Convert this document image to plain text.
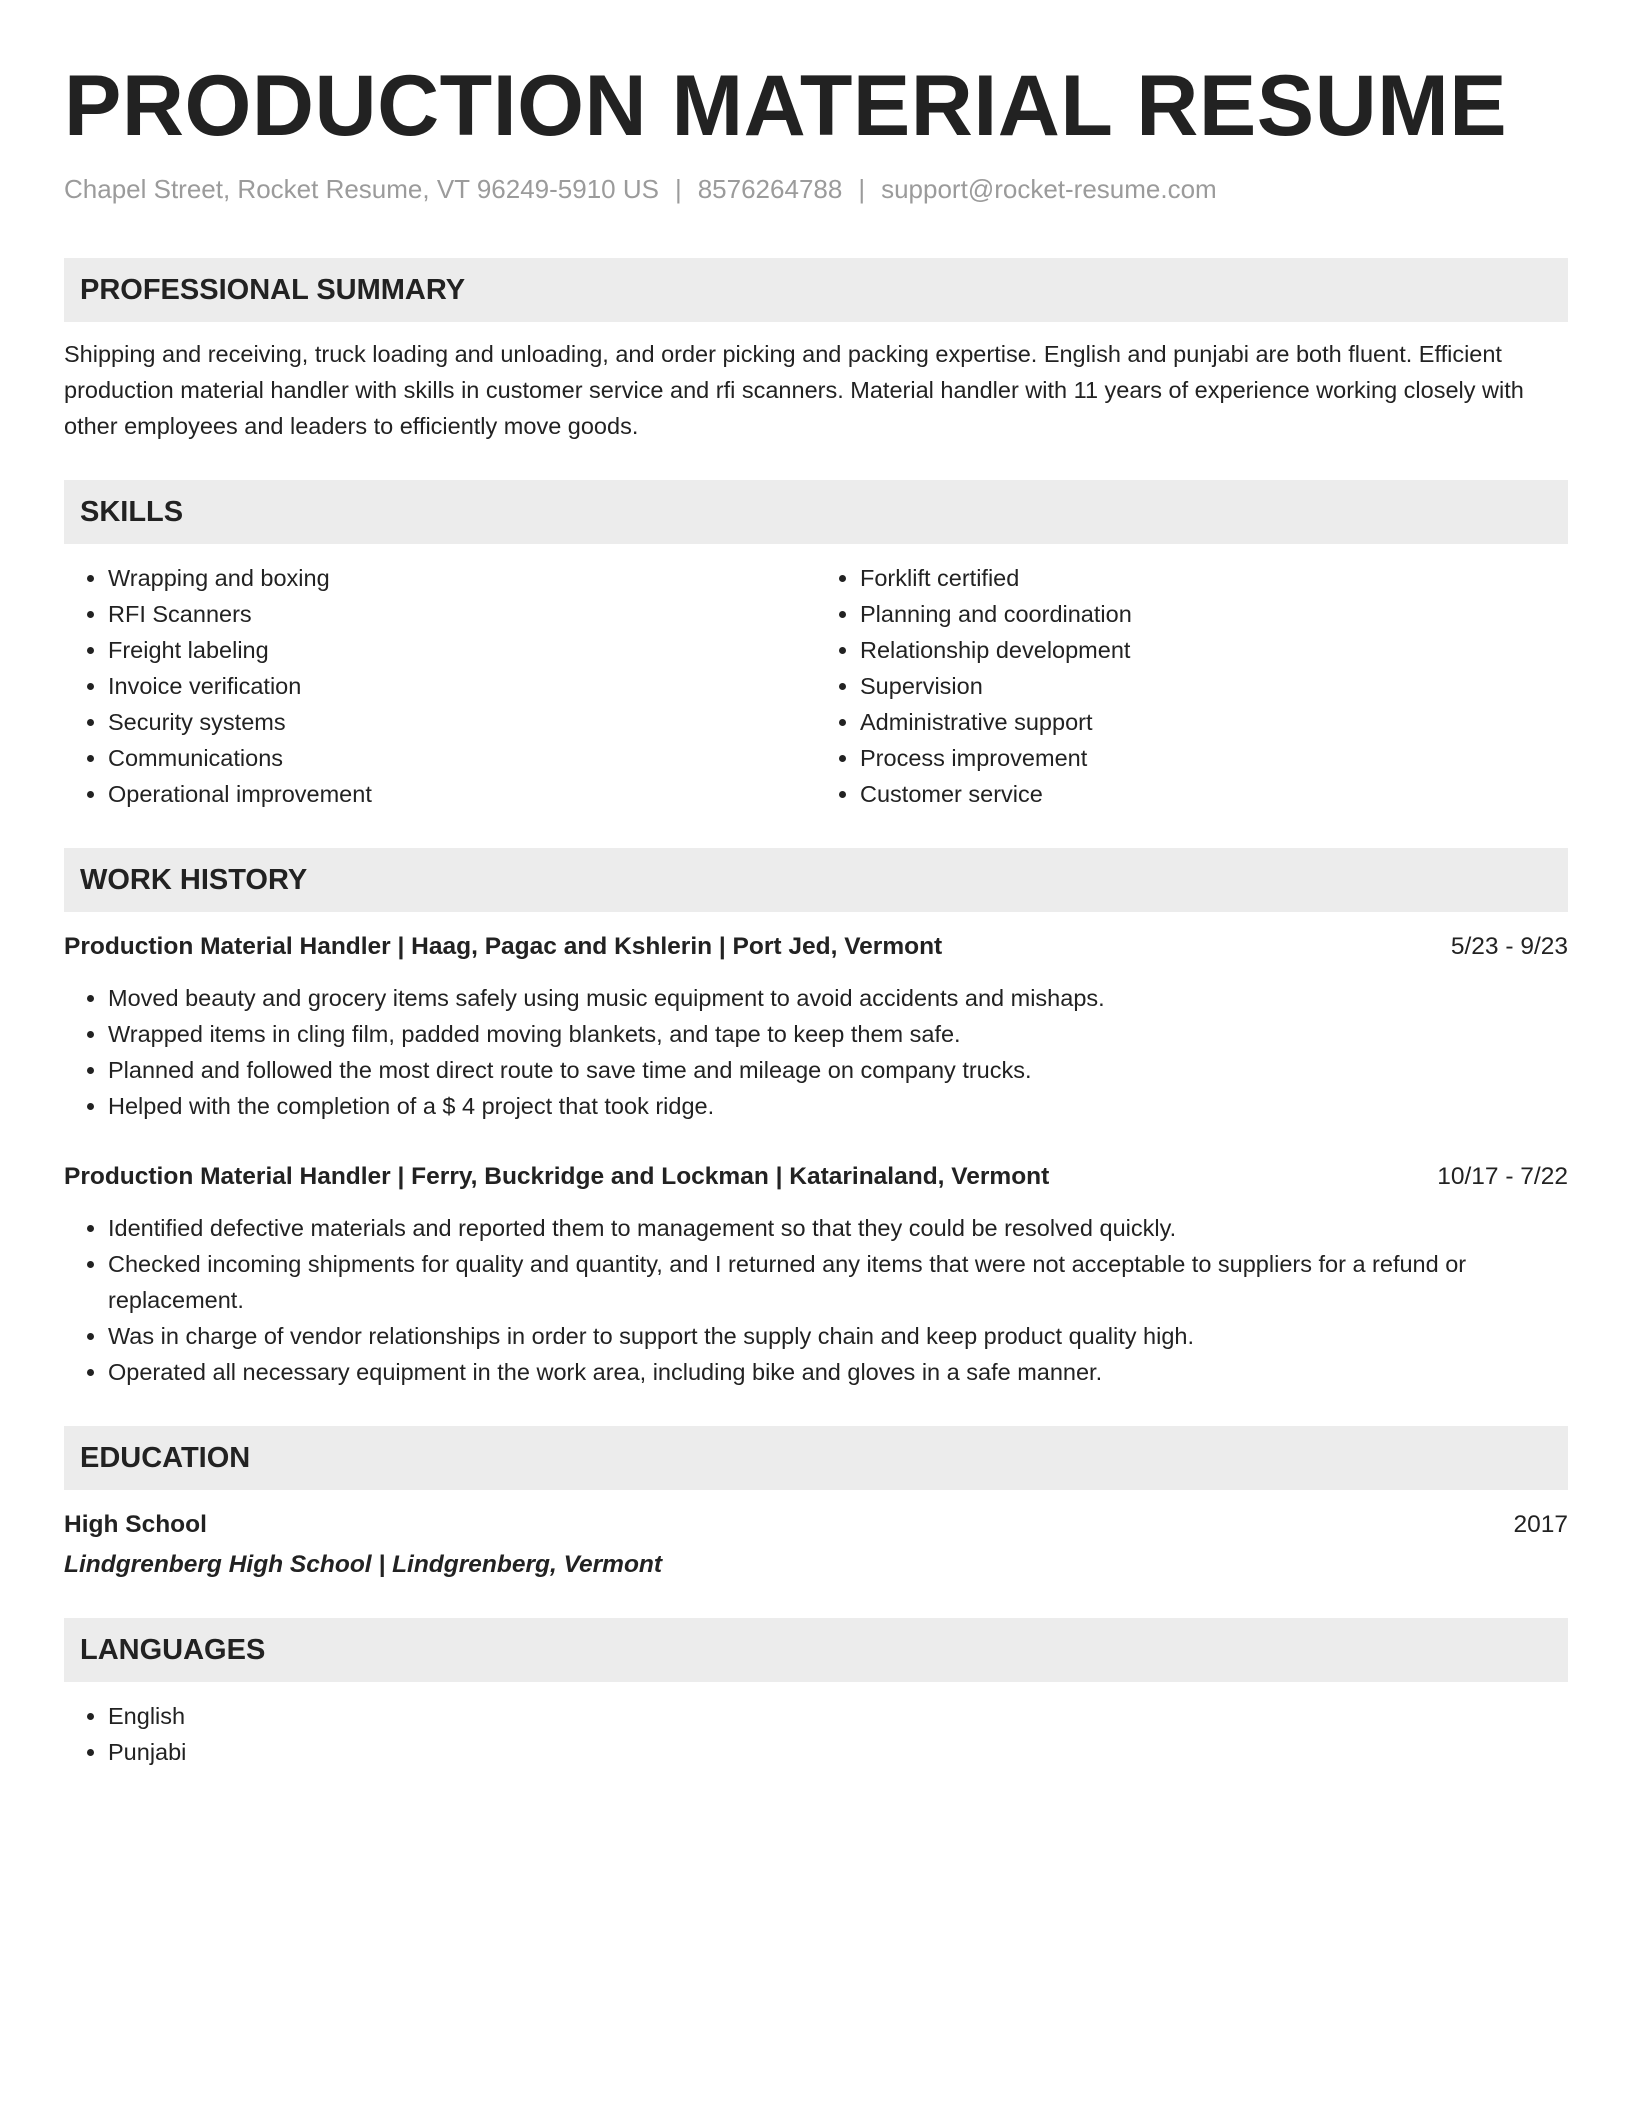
PRODUCTION MATERIAL RESUME
Chapel Street, Rocket Resume, VT 96249-5910 US | 8576264788 | support@rocket-resume.com
PROFESSIONAL SUMMARY
Shipping and receiving, truck loading and unloading, and order picking and packing expertise. English and punjabi are both fluent. Efficient production material handler with skills in customer service and rfi scanners. Material handler with 11 years of experience working closely with other employees and leaders to efficiently move goods.
SKILLS
• Wrapping and boxing
• RFI Scanners
• Freight labeling
• Invoice verification
• Security systems
• Communications
• Operational improvement
• Forklift certified
• Planning and coordination
• Relationship development
• Supervision
• Administrative support
• Process improvement
• Customer service
WORK HISTORY
Production Material Handler | Haag, Pagac and Kshlerin | Port Jed, Vermont	5/23 - 9/23
• Moved beauty and grocery items safely using music equipment to avoid accidents and mishaps.
• Wrapped items in cling film, padded moving blankets, and tape to keep them safe.
• Planned and followed the most direct route to save time and mileage on company trucks.
• Helped with the completion of a $ 4 project that took ridge.
Production Material Handler | Ferry, Buckridge and Lockman | Katarinaland, Vermont	10/17 - 7/22
• Identified defective materials and reported them to management so that they could be resolved quickly.
• Checked incoming shipments for quality and quantity, and I returned any items that were not acceptable to suppliers for a refund or replacement.
• Was in charge of vendor relationships in order to support the supply chain and keep product quality high.
• Operated all necessary equipment in the work area, including bike and gloves in a safe manner.
EDUCATION
High School	2017
Lindgrenberg High School | Lindgrenberg, Vermont
LANGUAGES
• English
• Punjabi
